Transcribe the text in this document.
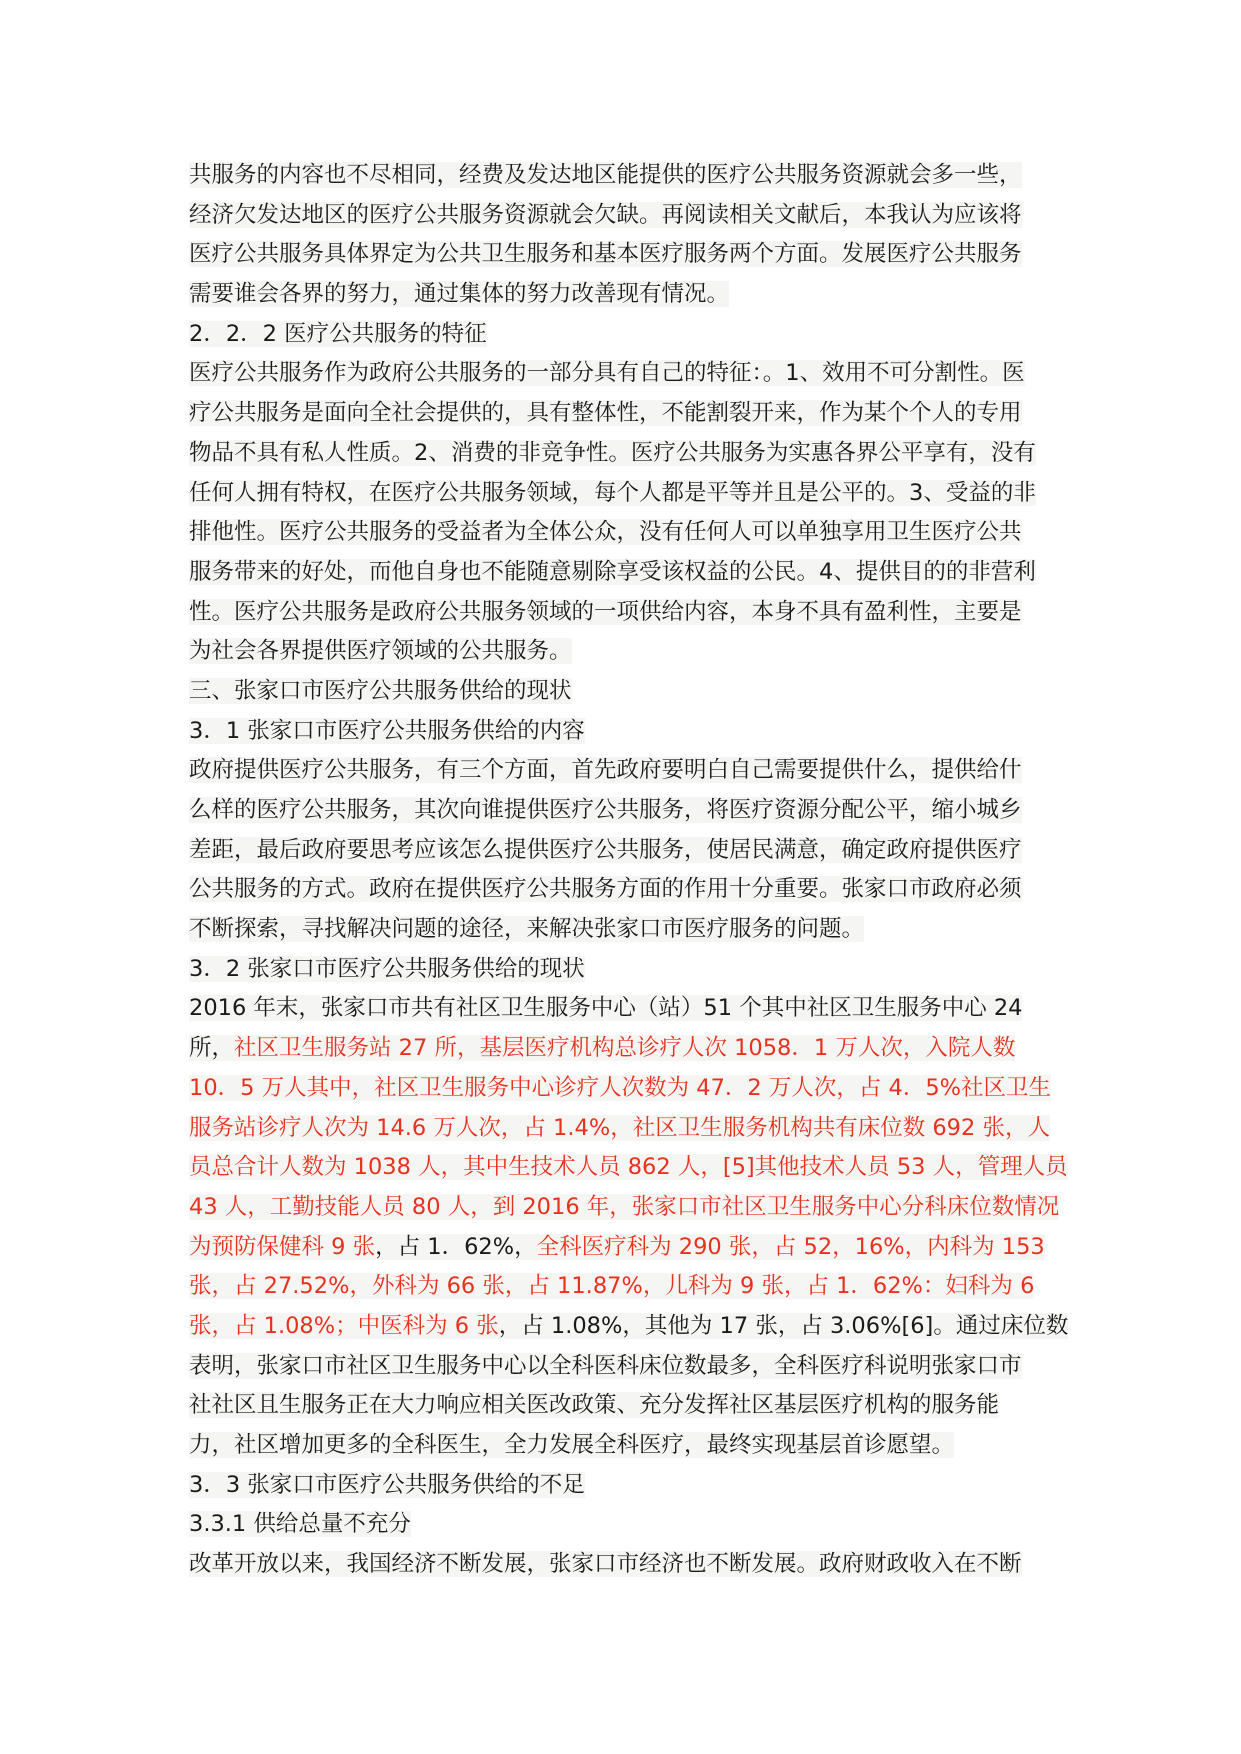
共服务的内容也不尽相同，经费及发达地区能提供的医疗公共服务资源就会多一些，
经济欠发达地区的医疗公共服务资源就会欠缺。再阅读相关文献后，本我认为应该将
医疗公共服务具体界定为公共卫生服务和基本医疗服务两个方面。发展医疗公共服务
需要谁会各界的努力，通过集体的努力改善现有情况。
2．2．2 医疗公共服务的特征
医疗公共服务作为政府公共服务的一部分具有自己的特征：。1、效用不可分割性。医
疗公共服务是面向全社会提供的，具有整体性，不能割裂开来，作为某个个人的专用
物品不具有私人性质。2、消费的非竞争性。医疗公共服务为实惠各界公平享有，没有
任何人拥有特权，在医疗公共服务领域，每个人都是平等并且是公平的。3、受益的非
排他性。医疗公共服务的受益者为全体公众，没有任何人可以单独享用卫生医疗公共
服务带来的好处，而他自身也不能随意剔除享受该权益的公民。4、提供目的的非营利
性。医疗公共服务是政府公共服务领域的一项供给内容，本身不具有盈利性，主要是
为社会各界提供医疗领域的公共服务。
三、张家口市医疗公共服务供给的现状
3．1 张家口市医疗公共服务供给的内容
政府提供医疗公共服务，有三个方面，首先政府要明白自己需要提供什么，提供给什
么样的医疗公共服务，其次向谁提供医疗公共服务，将医疗资源分配公平，缩小城乡
差距，最后政府要思考应该怎么提供医疗公共服务，使居民满意，确定政府提供医疗
公共服务的方式。政府在提供医疗公共服务方面的作用十分重要。张家口市政府必须
不断探索，寻找解决问题的途径，来解决张家口市医疗服务的问题。
3．2 张家口市医疗公共服务供给的现状
2016 年末，张家口市共有社区卫生服务中心（站）51 个其中社区卫生服务中心 24
所，社区卫生服务站 27 所，基层医疗机构总诊疗人次 1058．1 万人次，入院人数
10．5 万人其中，社区卫生服务中心诊疗人次数为 47．2 万人次，占 4．5%社区卫生
服务站诊疗人次为 14.6 万人次，占 1.4%，社区卫生服务机构共有床位数 692 张，人
员总合计人数为 1038 人，其中生技术人员 862 人，[5]其他技术人员 53 人，管理人员
43 人，工勤技能人员 80 人，到 2016 年，张家口市社区卫生服务中心分科床位数情况
为预防保健科 9 张，占 1．62%，全科医疗科为 290 张，占 52，16%，内科为 153
张，占 27.52%，外科为 66 张，占 11.87%，儿科为 9 张，占 1．62%：妇科为 6
张，占 1.08%；中医科为 6 张，占 1.08%，其他为 17 张，占 3.06%[6]。通过床位数
表明，张家口市社区卫生服务中心以全科医科床位数最多，全科医疗科说明张家口市
社社区且生服务正在大力响应相关医改政策、充分发挥社区基层医疗机构的服务能
力，社区增加更多的全科医生，全力发展全科医疗，最终实现基层首诊愿望。
3．3 张家口市医疗公共服务供给的不足
3.3.1 供给总量不充分
改革开放以来，我国经济不断发展，张家口市经济也不断发展。政府财政收入在不断
